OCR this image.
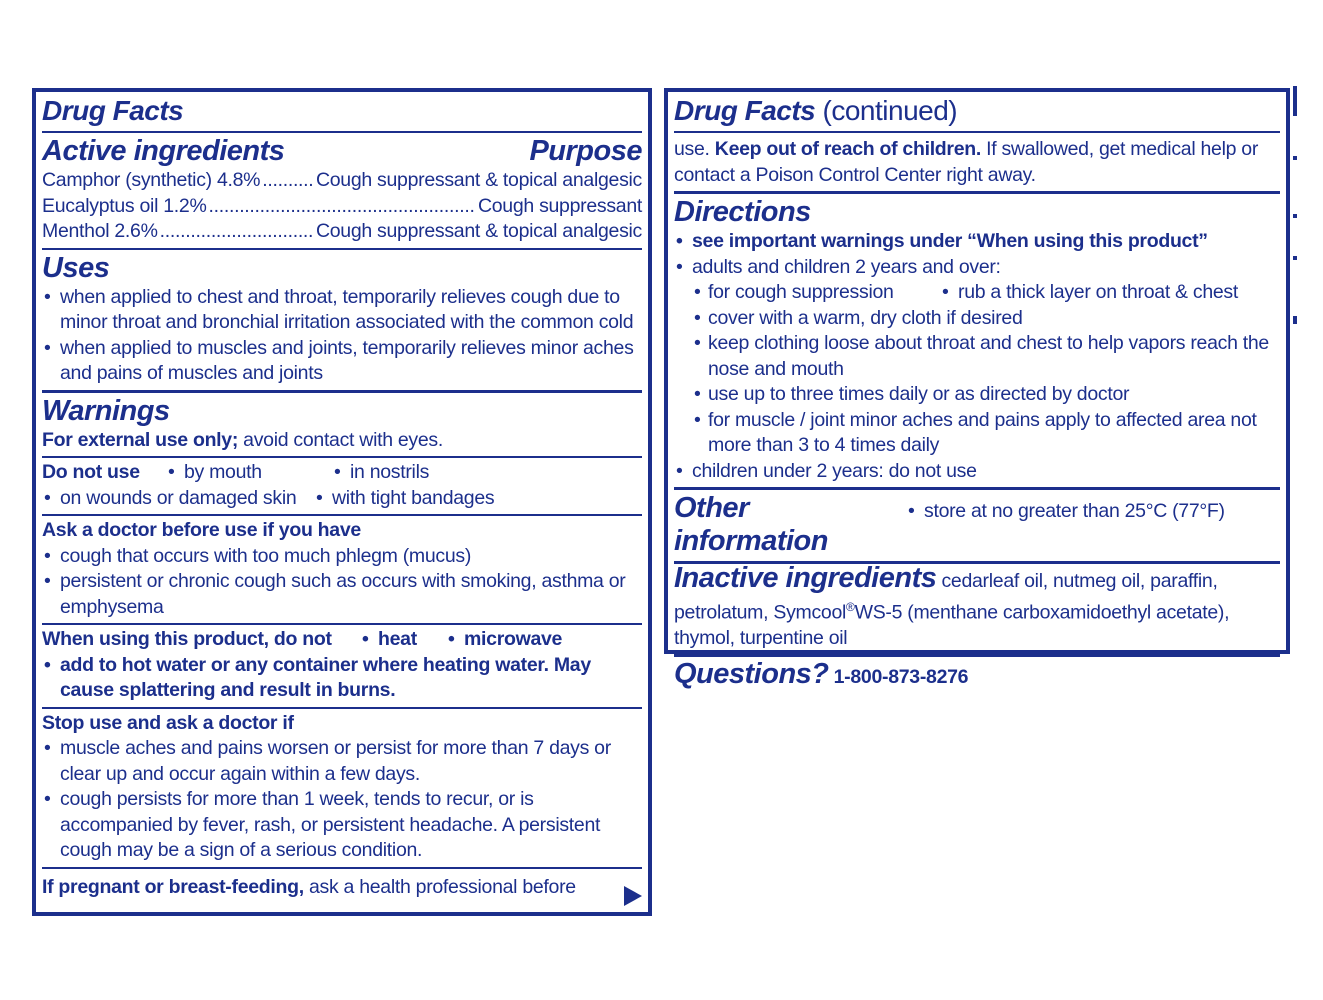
Drug Facts
Active ingredients	Purpose
Camphor (synthetic) 4.8% .....	Cough suppressant & topical analgesic
Eucalyptus oil 1.2% .....	Cough suppressant
Menthol 2.6% .....	Cough suppressant & topical analgesic
Uses
• when applied to chest and throat, temporarily relieves cough due to minor throat and bronchial irritation associated with the common cold
• when applied to muscles and joints, temporarily relieves minor aches and pains of muscles and joints
Warnings
For external use only; avoid contact with eyes.
Do not use • by mouth	• in nostrils
• on wounds or damaged skin • with tight bandages
Ask a doctor before use if you have
• cough that occurs with too much phlegm (mucus)
• persistent or chronic cough such as occurs with smoking, asthma or emphysema
When using this product, do not • heat • microwave
• add to hot water or any container where heating water. May cause splattering and result in burns.
Stop use and ask a doctor if
• muscle aches and pains worsen or persist for more than 7 days or clear up and occur again within a few days.
• cough persists for more than 1 week, tends to recur, or is accompanied by fever, rash, or persistent headache. A persistent cough may be a sign of a serious condition.
If pregnant or breast-feeding, ask a health professional before
Drug Facts (continued)
use. Keep out of reach of children. If swallowed, get medical help or contact a Poison Control Center right away.
Directions
• see important warnings under “When using this product”
• adults and children 2 years and over:
• for cough suppression	• rub a thick layer on throat & chest
• cover with a warm, dry cloth if desired
• keep clothing loose about throat and chest to help vapors reach the nose and mouth
• use up to three times daily or as directed by doctor
• for muscle / joint minor aches and pains apply to affected area not more than 3 to 4 times daily
• children under 2 years: do not use
Other information
• store at no greater than 25°C (77°F)
Inactive ingredients cedarleaf oil, nutmeg oil, paraffin, petrolatum, Symcool®WS-5 (menthane carboxamidoethyl acetate), thymol, turpentine oil
Questions? 1-800-873-8276
